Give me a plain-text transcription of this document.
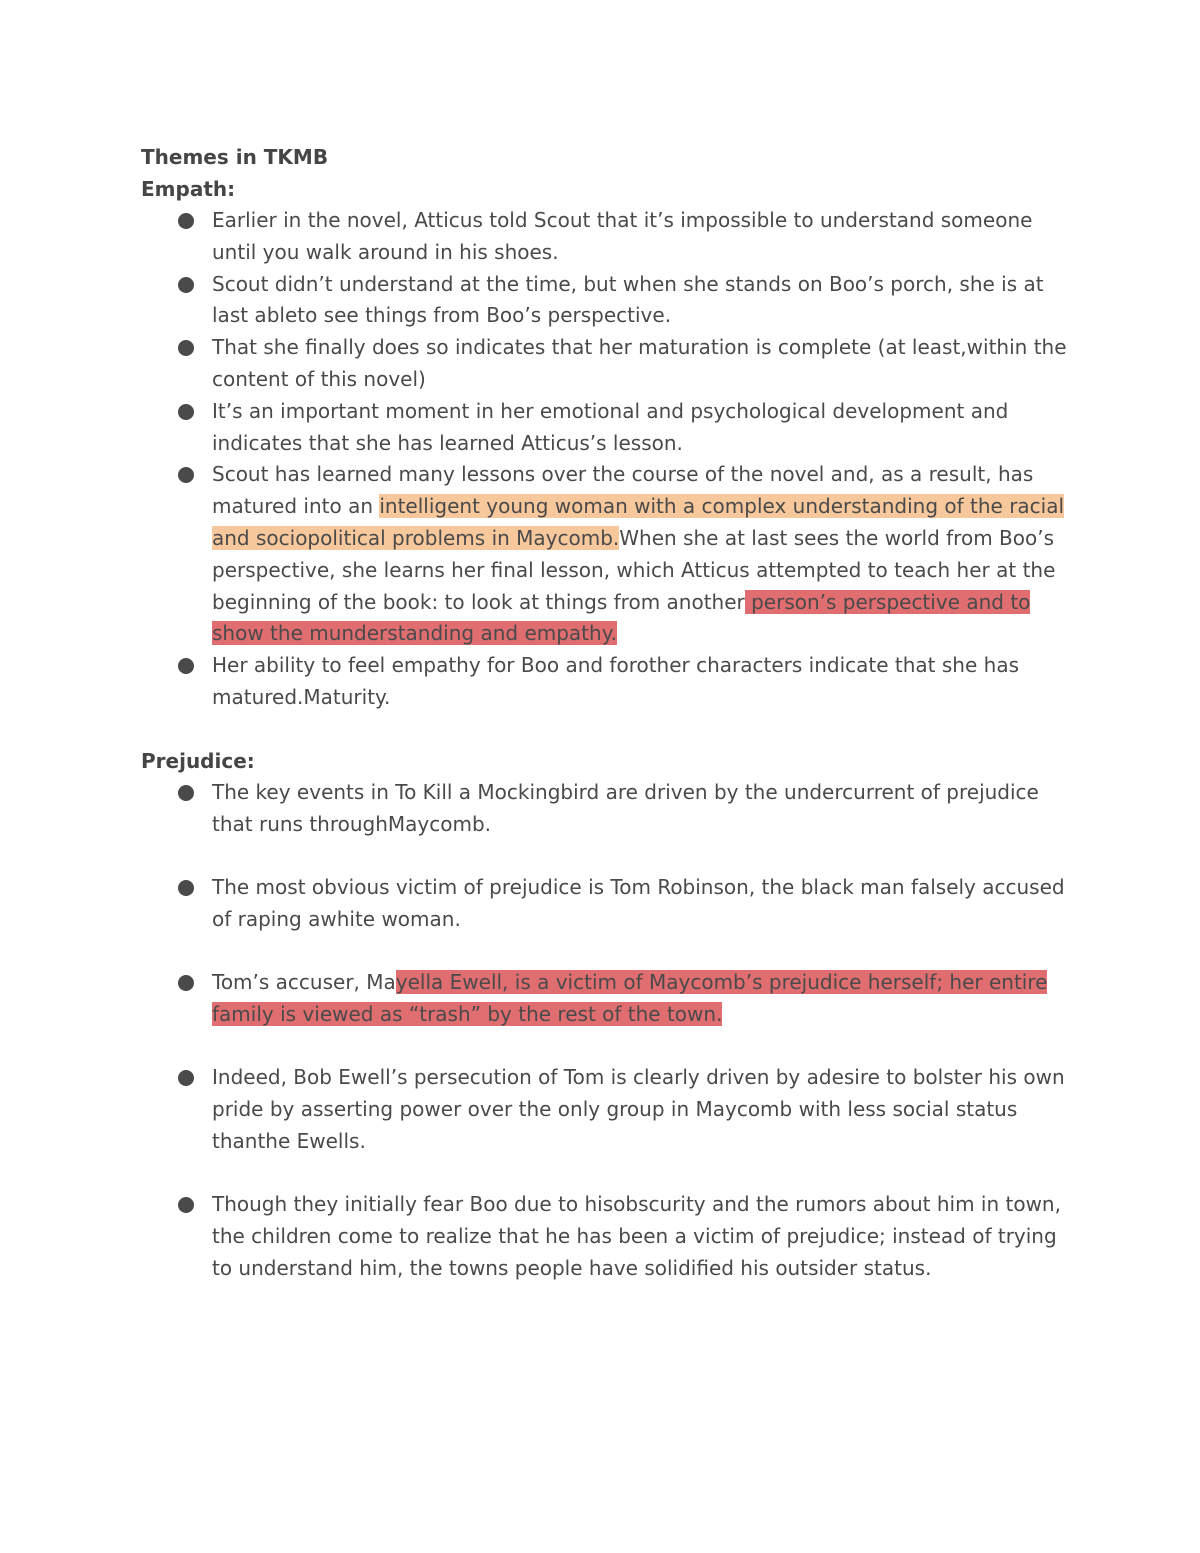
Themes in TKMB
Empath:
Earlier in the novel, Atticus told Scout that it’s impossible to understand someone until you walk around in his shoes.
Scout didn’t understand at the time, but when she stands on Boo’s porch, she is at last ableto see things from Boo’s perspective.
That she finally does so indicates that her maturation is complete (at least,within the content of this novel)
It’s an important moment in her emotional and psychological development and indicates that she has learned Atticus’s lesson.
Scout has learned many lessons over the course of the novel and, as a result, has matured into an intelligent young woman with a complex understanding of the racial and sociopolitical problems in Maycomb.When she at last sees the world from Boo’s perspective, she learns her final lesson, which Atticus attempted to teach her at the beginning of the book: to look at things from another person’s perspective and to show the munderstanding and empathy.
Her ability to feel empathy for Boo and forother characters indicate that she has matured.Maturity.
Prejudice:
The key events in To Kill a Mockingbird are driven by the undercurrent of prejudice that runs throughMaycomb.
The most obvious victim of prejudice is Tom Robinson, the black man falsely accused of raping awhite woman.
Tom’s accuser, Mayella Ewell, is a victim of Maycomb’s prejudice herself; her entire family is viewed as “trash” by the rest of the town.
Indeed, Bob Ewell’s persecution of Tom is clearly driven by adesire to bolster his own pride by asserting power over the only group in Maycomb with less social status thanthe Ewells.
Though they initially fear Boo due to hisobscurity and the rumors about him in town, the children come to realize that he has been a victim of prejudice; instead of trying to understand him, the towns people have solidified his outsider status.
